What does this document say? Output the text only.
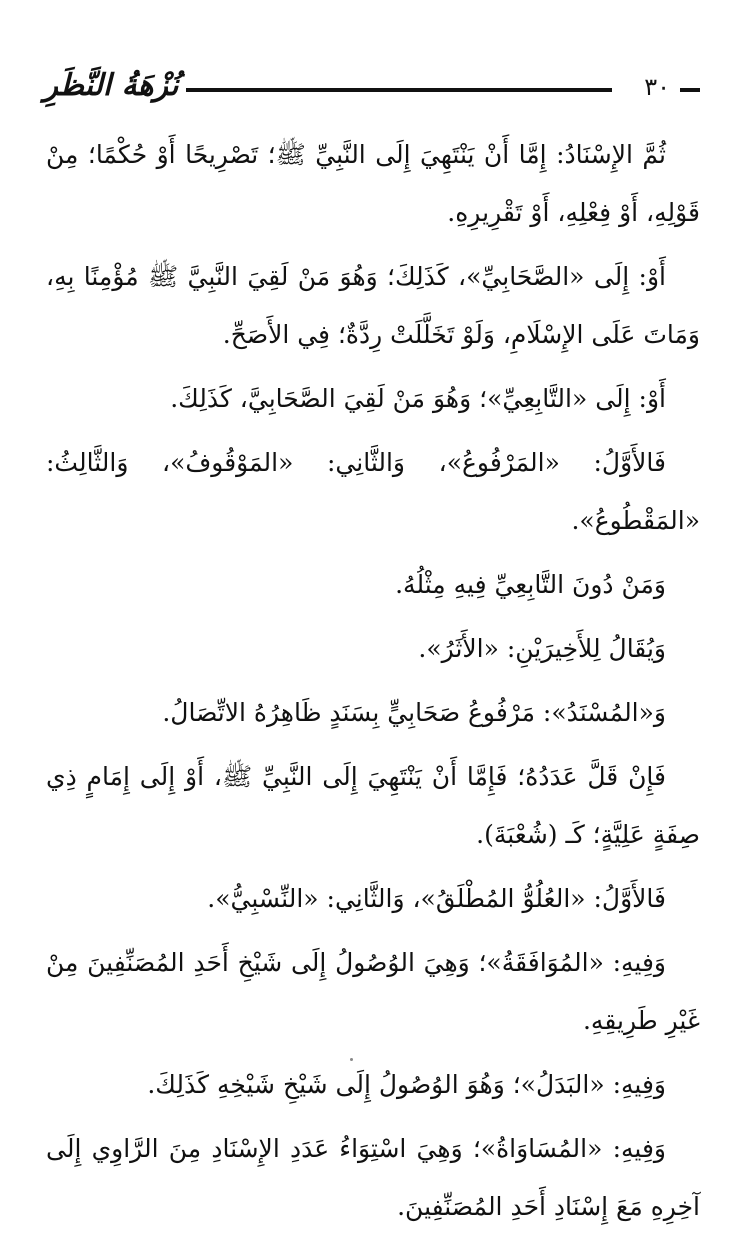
٣٠
نُزْهَةُ النَّظَرِ

ثُمَّ الإِسْنَادُ: إِمَّا أَنْ يَنْتَهِيَ إِلَى النَّبِيِّ ﷺ؛ تَصْرِيحًا أَوْ حُكْمًا؛ مِنْ قَوْلِهِ، أَوْ فِعْلِهِ، أَوْ تَقْرِيرِهِ.

أَوْ: إِلَى «الصَّحَابِيِّ»، كَذَلِكَ؛ وَهُوَ مَنْ لَقِيَ النَّبِيَّ ﷺ مُؤْمِنًا بِهِ، وَمَاتَ عَلَى الإِسْلَامِ، وَلَوْ تَخَلَّلَتْ رِدَّةٌ؛ فِي الأَصَحِّ.

أَوْ: إِلَى «التَّابِعِيِّ»؛ وَهُوَ مَنْ لَقِيَ الصَّحَابِيَّ، كَذَلِكَ.

فَالأَوَّلُ: «المَرْفُوعُ»، وَالثَّانِي: «المَوْقُوفُ»، وَالثَّالِثُ: «المَقْطُوعُ».

وَمَنْ دُونَ التَّابِعِيِّ فِيهِ مِثْلُهُ.

وَيُقَالُ لِلأَخِيرَيْنِ: «الأَثَرُ».

وَ«المُسْنَدُ»: مَرْفُوعُ صَحَابِيٍّ بِسَنَدٍ ظَاهِرُهُ الاتِّصَالُ.

فَإِنْ قَلَّ عَدَدُهُ؛ فَإِمَّا أَنْ يَنْتَهِيَ إِلَى النَّبِيِّ ﷺ، أَوْ إِلَى إِمَامٍ ذِي صِفَةٍ عَلِيَّةٍ؛ كَـ (شُعْبَةَ).

فَالأَوَّلُ: «العُلُوُّ المُطْلَقُ»، وَالثَّانِي: «النِّسْبِيُّ».

وَفِيهِ: «المُوَافَقَةُ»؛ وَهِيَ الوُصُولُ إِلَى شَيْخِ أَحَدِ المُصَنِّفِينَ مِنْ غَيْرِ طَرِيقِهِ.

وَفِيهِ: «البَدَلُ»؛ وَهُوَ الوُصُولُ إِلَى شَيْخِ شَيْخِهِ كَذَلِكَ.

وَفِيهِ: «المُسَاوَاةُ»؛ وَهِيَ اسْتِوَاءُ عَدَدِ الإِسْنَادِ مِنَ الرَّاوِي إِلَى آخِرِهِ مَعَ إِسْنَادِ أَحَدِ المُصَنِّفِينَ.
